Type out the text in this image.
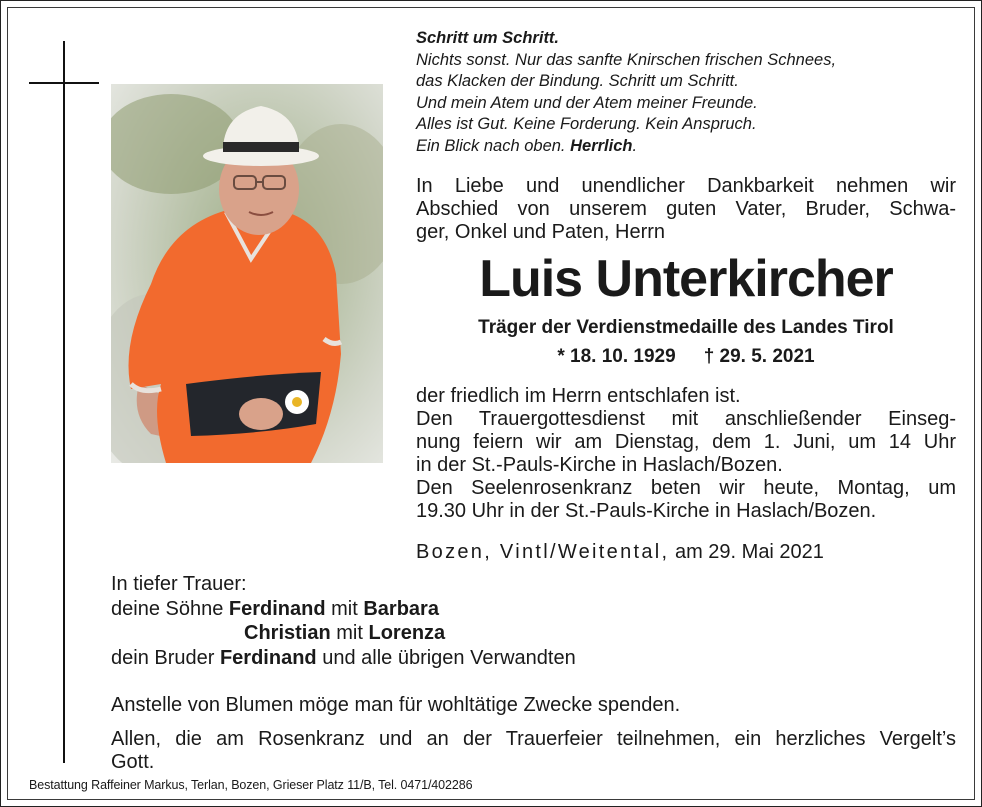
Schritt um Schritt.
Nichts sonst. Nur das sanfte Knirschen frischen Schnees,
das Klacken der Bindung. Schritt um Schritt.
Und mein Atem und der Atem meiner Freunde.
Alles ist Gut. Keine Forderung. Kein Anspruch.
Ein Blick nach oben. Herrlich.
In Liebe und unendlicher Dankbarkeit nehmen wir
Abschied von unserem guten Vater, Bruder, Schwa-
ger, Onkel und Paten, Herrn
Luis Unterkircher
Träger der Verdienstmedaille des Landes Tirol
* 18. 10. 1929 † 29. 5. 2021
der friedlich im Herrn entschlafen ist.
Den Trauergottesdienst mit anschließender Einseg-
nung feiern wir am Dienstag, dem 1. Juni, um 14 Uhr
in der St.-Pauls-Kirche in Haslach/Bozen.
Den Seelenrosenkranz beten wir heute, Montag, um
19.30 Uhr in der St.-Pauls-Kirche in Haslach/Bozen.
Bozen, Vintl/Weitental, am 29. Mai 2021
In tiefer Trauer:
deine Söhne Ferdinand mit Barbara
Christian mit Lorenza
dein Bruder Ferdinand und alle übrigen Verwandten
Anstelle von Blumen möge man für wohltätige Zwecke spenden.
Allen, die am Rosenkranz und an der Trauerfeier teilnehmen, ein herzliches Vergelt’s
Gott.
Bestattung Raffeiner Markus, Terlan, Bozen, Grieser Platz 11/B, Tel. 0471/402286
